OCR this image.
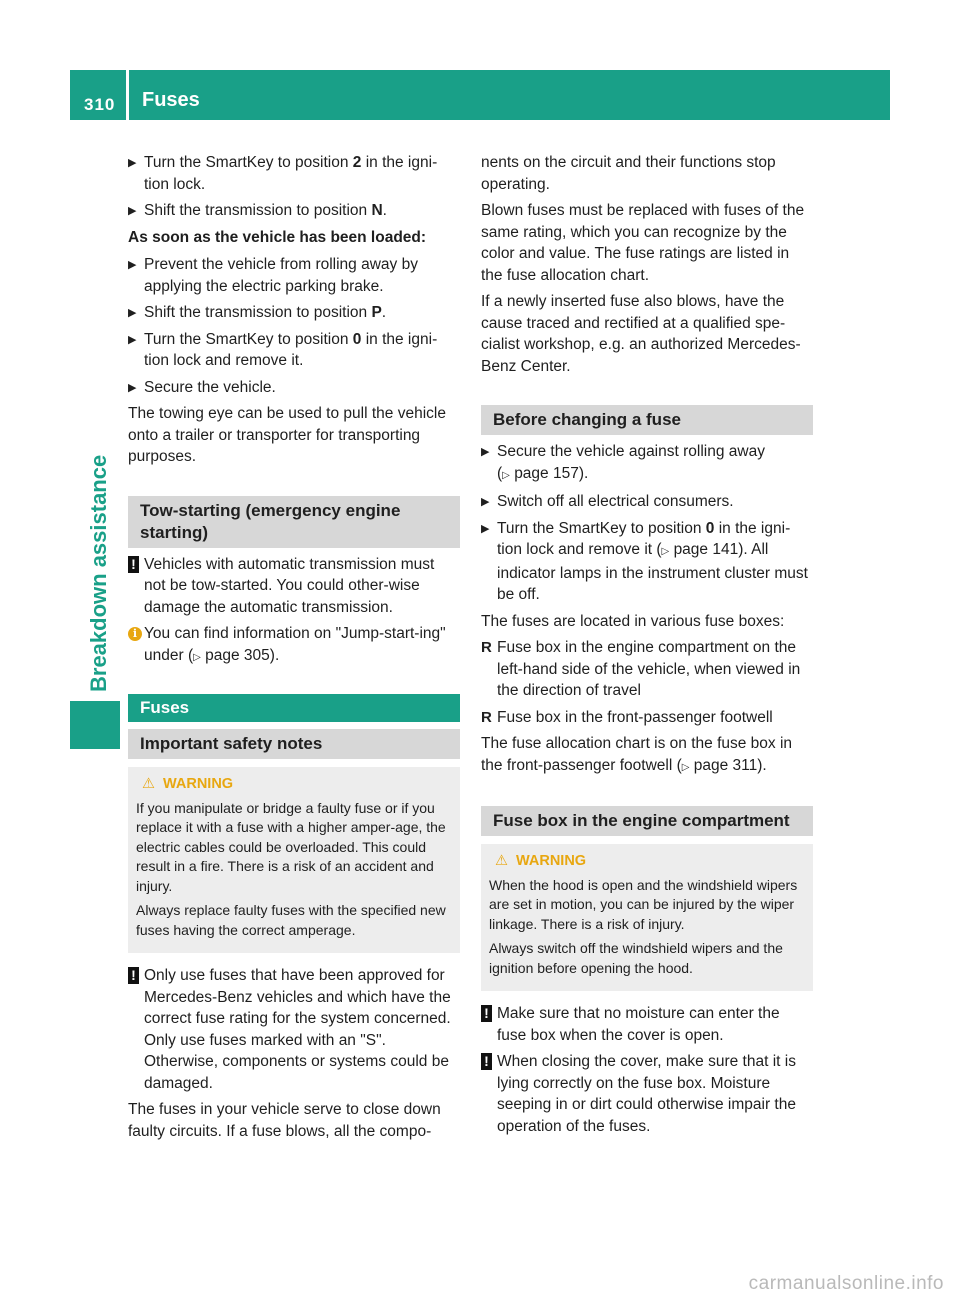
310 Fuses
Breakdown assistance
▶ Turn the SmartKey to position 2 in the igni-tion lock.
▶ Shift the transmission to position N.

As soon as the vehicle has been loaded:

▶ Prevent the vehicle from rolling away by applying the electric parking brake.
▶ Shift the transmission to position P.
▶ Turn the SmartKey to position 0 in the igni-tion lock and remove it.
▶ Secure the vehicle.

The towing eye can be used to pull the vehicle onto a trailer or transporter for transporting purposes.

Tow-starting (emergency engine starting)
! Vehicles with automatic transmission must not be tow-started. You could other-wise damage the automatic transmission.
i You can find information on "Jump-start-ing" under (▷ page 305).
Fuses
Important safety notes
⚠ WARNING

If you manipulate or bridge a faulty fuse or if you replace it with a fuse with a higher amper-age, the electric cables could be overloaded. This could result in a fire. There is a risk of an accident and injury.

Always replace faulty fuses with the specified new fuses having the correct amperage.

! Only use fuses that have been approved for Mercedes-Benz vehicles and which have the correct fuse rating for the system concerned. Only use fuses marked with an "S". Otherwise, components or systems could be damaged.

The fuses in your vehicle serve to close down faulty circuits. If a fuse blows, all the compo-

nents on the circuit and their functions stop operating.

Blown fuses must be replaced with fuses of the same rating, which you can recognize by the color and value. The fuse ratings are listed in the fuse allocation chart.

If a newly inserted fuse also blows, have the cause traced and rectified at a qualified spe-cialist workshop, e.g. an authorized Mercedes-Benz Center.

Before changing a fuse
▶ Secure the vehicle against rolling away (▷ page 157).
▶ Switch off all electrical consumers.
▶ Turn the SmartKey to position 0 in the igni-tion lock and remove it (▷ page 141). All indicator lamps in the instrument cluster must be off.

The fuses are located in various fuse boxes:

R Fuse box in the engine compartment on the left-hand side of the vehicle, when viewed in the direction of travel
R Fuse box in the front-passenger footwell

The fuse allocation chart is on the fuse box in the front-passenger footwell (▷ page 311).

Fuse box in the engine compartment
⚠ WARNING

When the hood is open and the windshield wipers are set in motion, you can be injured by the wiper linkage. There is a risk of injury.

Always switch off the windshield wipers and the ignition before opening the hood.

! Make sure that no moisture can enter the fuse box when the cover is open.
! When closing the cover, make sure that it is lying correctly on the fuse box. Moisture seeping in or dirt could otherwise impair the operation of the fuses.
carmanualsonline.info
